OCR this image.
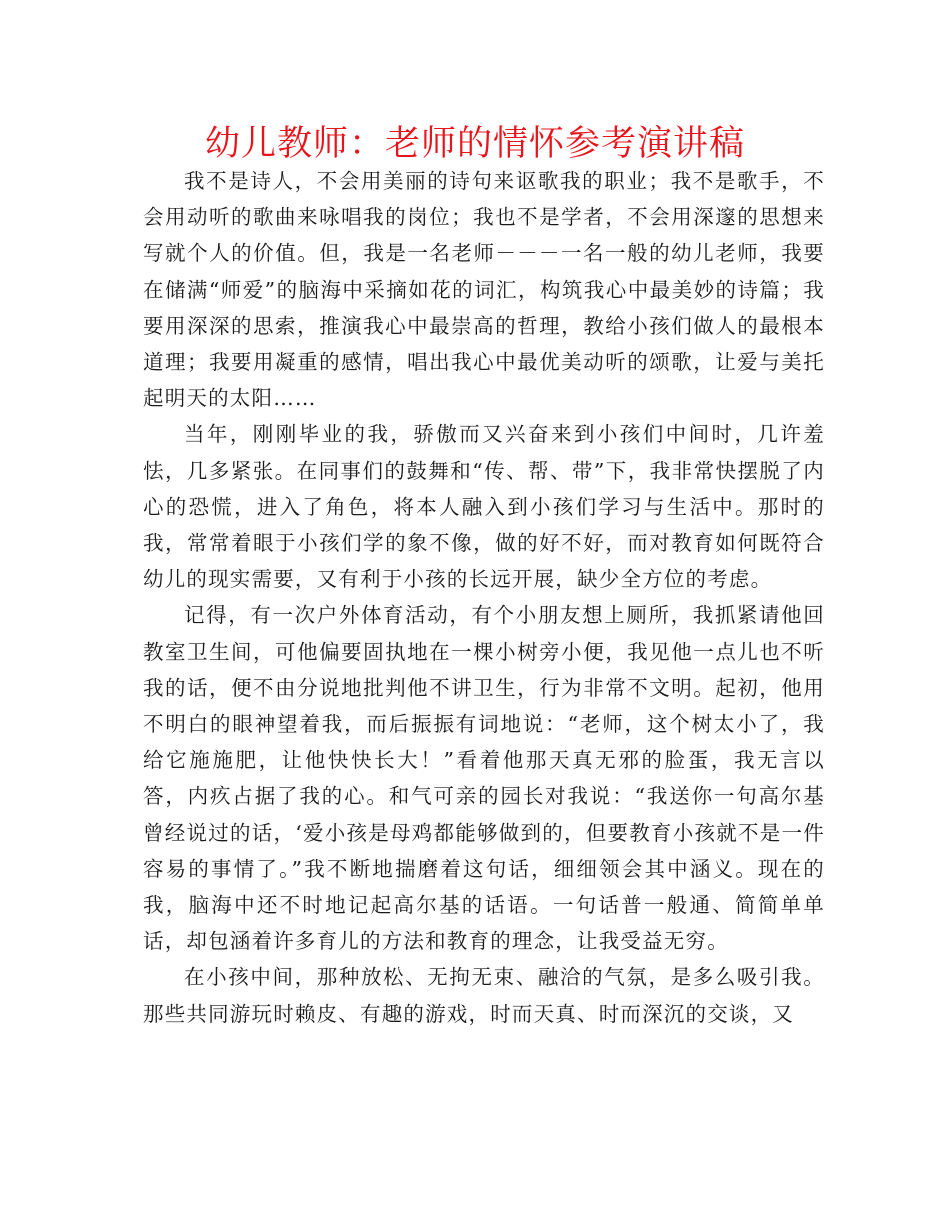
幼儿教师：老师的情怀参考演讲稿

我不是诗人，不会用美丽的诗句来讴歌我的职业；我不是歌手，不会用动听的歌曲来咏唱我的岗位；我也不是学者，不会用深邃的思想来写就个人的价值。但，我是一名老师－－－一名一般的幼儿老师，我要在储满“师爱”的脑海中采摘如花的词汇，构筑我心中最美妙的诗篇；我要用深深的思索，推演我心中最崇高的哲理，教给小孩们做人的最根本道理；我要用凝重的感情，唱出我心中最优美动听的颂歌，让爱与美托起明天的太阳……

当年，刚刚毕业的我，骄傲而又兴奋来到小孩们中间时，几许羞怯，几多紧张。在同事们的鼓舞和“传、帮、带”下，我非常快摆脱了内心的恐慌，进入了角色，将本人融入到小孩们学习与生活中。那时的我，常常着眼于小孩们学的象不像，做的好不好，而对教育如何既符合幼儿的现实需要，又有利于小孩的长远开展，缺少全方位的考虑。

记得，有一次户外体育活动，有个小朋友想上厕所，我抓紧请他回教室卫生间，可他偏要固执地在一棵小树旁小便，我见他一点儿也不听我的话，便不由分说地批判他不讲卫生，行为非常不文明。起初，他用不明白的眼神望着我，而后振振有词地说：“老师，这个树太小了，我给它施施肥，让他快快长大！”看着他那天真无邪的脸蛋，我无言以答，内疚占据了我的心。和气可亲的园长对我说：“我送你一句高尔基曾经说过的话，‘爱小孩是母鸡都能够做到的，但要教育小孩就不是一件容易的事情了。”我不断地揣磨着这句话，细细领会其中涵义。现在的我，脑海中还不时地记起高尔基的话语。一句话普一般通、简简单单话，却包涵着许多育儿的方法和教育的理念，让我受益无穷。

在小孩中间，那种放松、无拘无束、融洽的气氛，是多么吸引我。那些共同游玩时赖皮、有趣的游戏，时而天真、时而深沉的交谈，又
